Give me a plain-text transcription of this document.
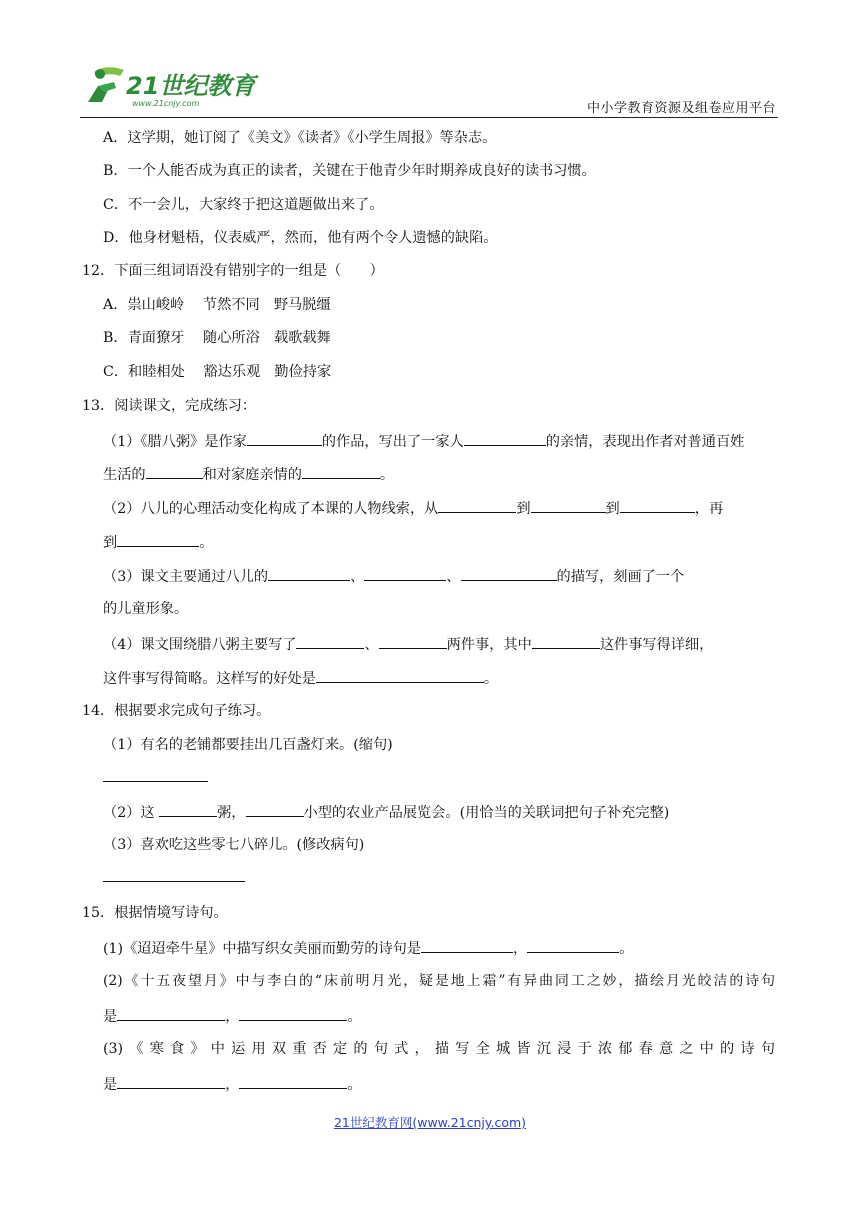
21世纪教育
www.21cnjy.com	中小学教育资源及组卷应用平台
A．这学期，她订阅了《美文》《读者》《小学生周报》等杂志。
B．一个人能否成为真正的读者，关键在于他青少年时期养成良好的读书习惯。
C．不一会儿，大家终于把这道题做出来了。
D．他身材魁梧，仪表威严，然而，他有两个令人遗憾的缺陷。
12．下面三组词语没有错别字的一组是（　　）
A．祟山峻岭　 节然不同　野马脱缰
B．青面獠牙　 随心所浴　载歌载舞
C．和睦相处　 豁达乐观　勤俭持家
13．阅读课文，完成练习：
（1）《腊八粥》是作家	的作品，写出了一家人	的亲情，表现出作者对普通百姓
生活的	和对家庭亲情的	。
（2）八儿的心理活动变化构成了本课的人物线索，从	到	到	，再
到	。
（3）课文主要通过八儿的	、	、	的描写，刻画了一个
的儿童形象。
（4）课文围绕腊八粥主要写了	、	两件事，其中	这件事写得详细，
这件事写得简略。这样写的好处是	。
14．根据要求完成句子练习。
（1）有名的老铺都要挂出几百盏灯来。(缩句)
（2）这	粥，	小型的农业产品展览会。(用恰当的关联词把句子补充完整)
（3）喜欢吃这些零七八碎儿。(修改病句)
15．根据情境写诗句。
(1)《迢迢牵牛星》中描写织女美丽而勤劳的诗句是	，	。
(2)《十五夜望月》中与李白的“床前明月光，疑是地上霜”有异曲同工之妙，描绘月光皎洁的诗句
是	，	。
(3)《寒食》中运用双重否定的句式，描写全城皆沉浸于浓郁春意之中的诗句
是	，	。
21世纪教育网(www.21cnjy.com)
